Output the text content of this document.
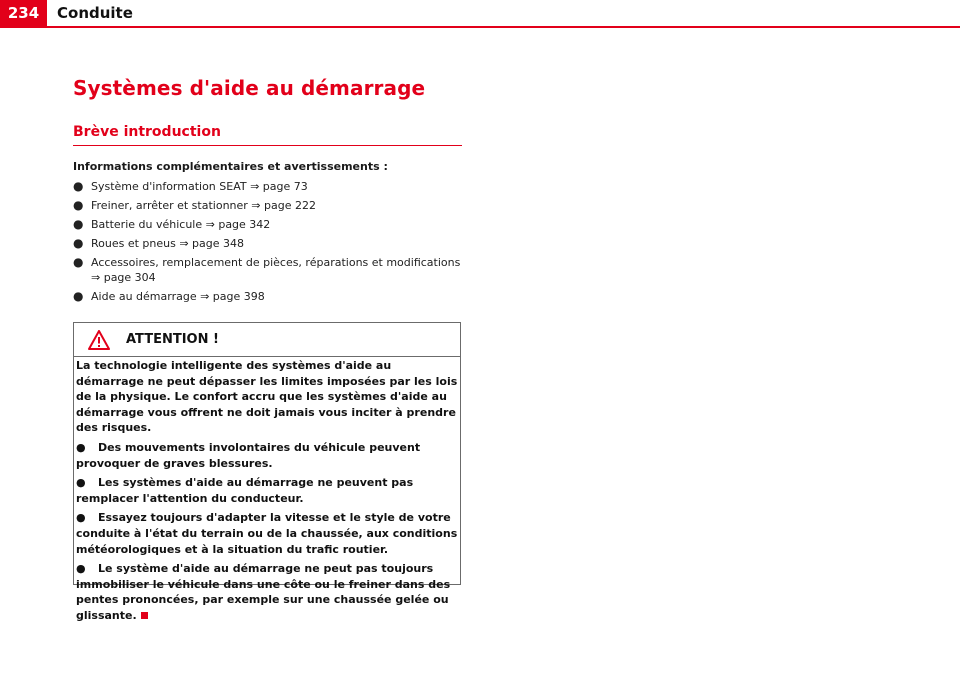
234	Conduite
Systèmes d'aide au démarrage
Brève introduction
Informations complémentaires et avertissements :
● Système d'information SEAT ⇒ page 73
● Freiner, arrêter et stationner ⇒ page 222
● Batterie du véhicule ⇒ page 342
● Roues et pneus ⇒ page 348
● Accessoires, remplacement de pièces, réparations et modifications ⇒ page 304
● Aide au démarrage ⇒ page 398
ATTENTION !

La technologie intelligente des systèmes d'aide au démarrage ne peut dépasser les limites imposées par les lois de la physique. Le confort accru que les systèmes d'aide au démarrage vous offrent ne doit jamais vous inciter à prendre des risques.

● Des mouvements involontaires du véhicule peuvent provoquer de graves blessures.

● Les systèmes d'aide au démarrage ne peuvent pas remplacer l'attention du conducteur.

● Essayez toujours d'adapter la vitesse et le style de votre conduite à l'état du terrain ou de la chaussée, aux conditions météorologiques et à la situation du trafic routier.

● Le système d'aide au démarrage ne peut pas toujours immobiliser le véhicule dans une côte ou le freiner dans des pentes prononcées, par exemple sur une chaussée gelée ou glissante.
